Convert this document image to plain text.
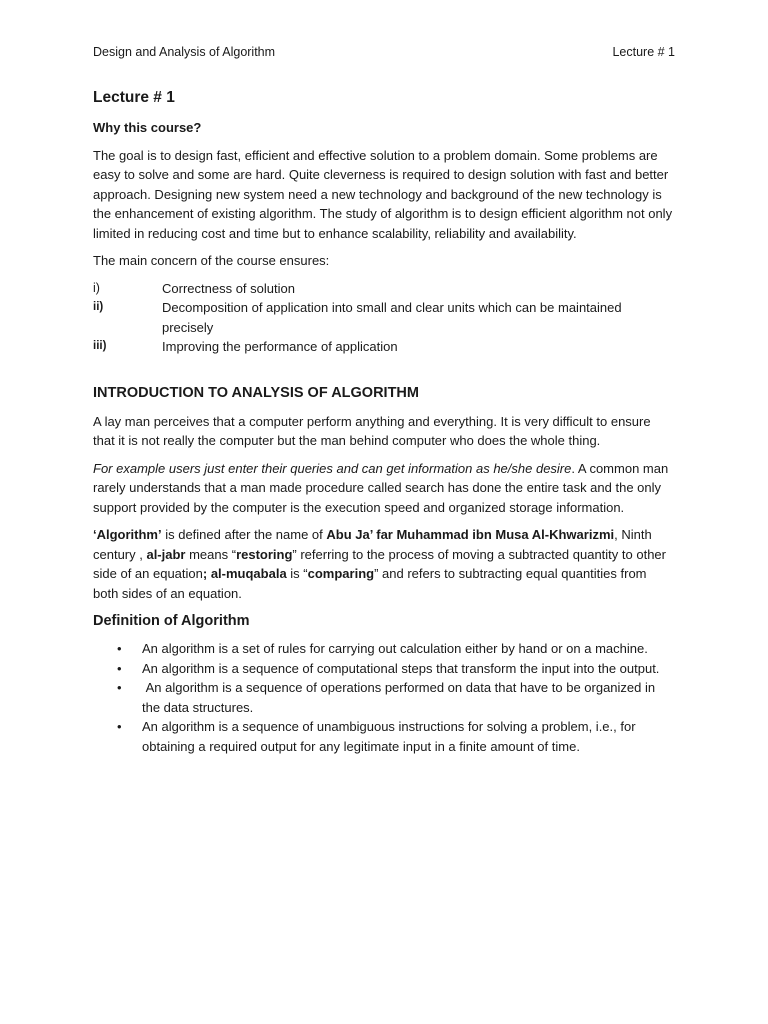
Design and Analysis of Algorithm	Lecture # 1
Lecture # 1
Why this course?

The goal is to design fast, efficient and effective solution to a problem domain. Some problems are easy to solve and some are hard. Quite cleverness is required to design solution with fast and better approach. Designing new system need a new technology and background of the new technology is the enhancement of existing algorithm. The study of algorithm is to design efficient algorithm not only limited in reducing cost and time but to enhance scalability, reliability and availability.

The main concern of the course ensures:

i)	Correctness of solution
ii)	Decomposition of application into small and clear units which can be maintained precisely
iii)	Improving the performance of application
INTRODUCTION TO ANALYSIS OF ALGORITHM

A lay man perceives that a computer perform anything and everything. It is very difficult to ensure that it is not really the computer but the man behind computer who does the whole thing.

For example users just enter their queries and can get information as he/she desire. A common man rarely understands that a man made procedure called search has done the entire task and the only support provided by the computer is the execution speed and organized storage information.

‘Algorithm’ is defined after the name of Abu Ja’ far Muhammad ibn Musa Al-Khwarizmi, Ninth century , al-jabr means “restoring” referring to the process of moving a subtracted quantity to other side of an equation; al-muqabala is “comparing” and refers to subtracting equal quantities from both sides of an equation.

Definition of Algorithm
•	An algorithm is a set of rules for carrying out calculation either by hand or on a machine.
•	An algorithm is a sequence of computational steps that transform the input into the output.
•	An algorithm is a sequence of operations performed on data that have to be organized in the data structures.
•	An algorithm is a sequence of unambiguous instructions for solving a problem, i.e., for obtaining a required output for any legitimate input in a finite amount of time.
